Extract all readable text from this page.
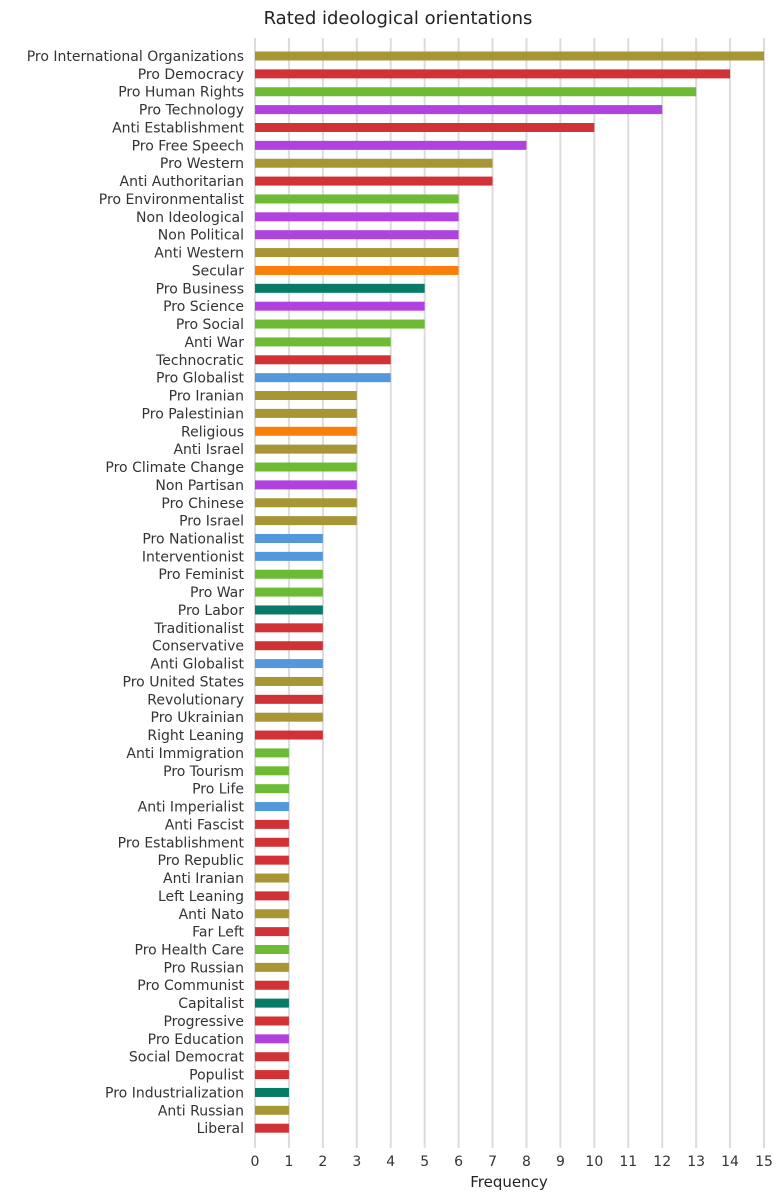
Rated ideological orientations
Pro International Organizations
Pro Democracy
Pro Human Rights
Pro Technology
Anti Establishment
Pro Free Speech
Pro Western
Anti Authoritarian
Pro Environmentalist
Non Ideological
Non Political
Anti Western
Secular
Pro Business
Pro Science
Pro Social
Anti War
Technocratic
Pro Globalist
Pro Iranian
Pro Palestinian
Religious
Anti Israel
Pro Climate Change
Non Partisan
Pro Chinese
Pro Israel
Pro Nationalist
Interventionist
Pro Feminist
Pro War
Pro Labor
Traditionalist
Conservative
Anti Globalist
Pro United States
Revolutionary
Pro Ukrainian
Right Leaning
Anti Immigration
Pro Tourism
Pro Life
Anti Imperialist
Anti Fascist
Pro Establishment
Pro Republic
Anti Iranian
Left Leaning
Anti Nato
Far Left
Pro Health Care
Pro Russian
Pro Communist
Capitalist
Progressive
Pro Education
Social Democrat
Populist
Pro Industrialization
Anti Russian
Liberal
0 1 2 3 4 5 6 7 8 9 10 11 12 13 14 15
Frequency
